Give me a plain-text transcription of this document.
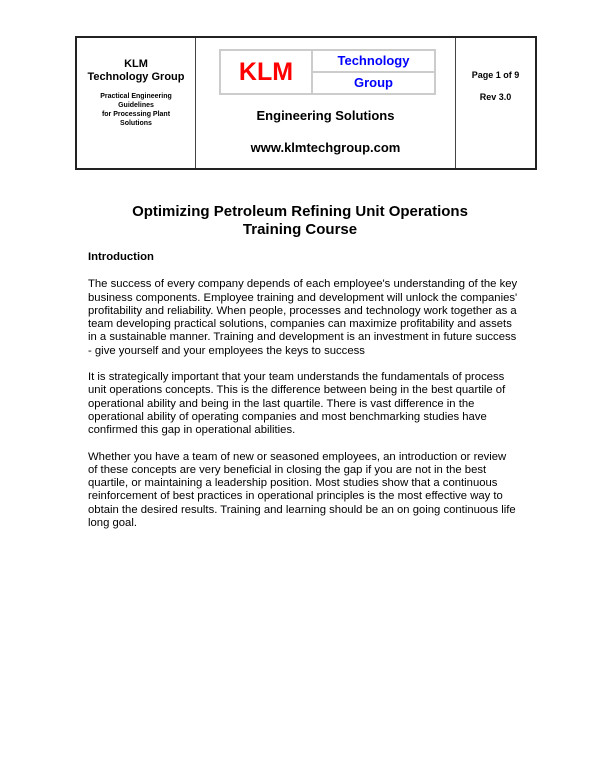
KLM
Technology Group
Practical Engineering
Guidelines
for Processing Plant
Solutions
KLM	Technology
Group
Engineering Solutions
www.klmtechgroup.com
Page 1 of 9
Rev 3.0
Optimizing Petroleum Refining Unit Operations
Training Course
Introduction

The success of every company depends of each employee's understanding of the key business components. Employee training and development will unlock the companies' profitability and reliability. When people, processes and technology work together as a team developing practical solutions, companies can maximize profitability and assets in a sustainable manner. Training and development is an investment in future success - give yourself and your employees the keys to success

It is strategically important that your team understands the fundamentals of process unit operations concepts. This is the difference between being in the best quartile of operational ability and being in the last quartile. There is vast difference in the operational ability of operating companies and most benchmarking studies have confirmed this gap in operational abilities.

Whether you have a team of new or seasoned employees, an introduction or review of these concepts are very beneficial in closing the gap if you are not in the best quartile, or maintaining a leadership position. Most studies show that a continuous reinforcement of best practices in operational principles is the most effective way to obtain the desired results. Training and learning should be an on going continuous life long goal.
